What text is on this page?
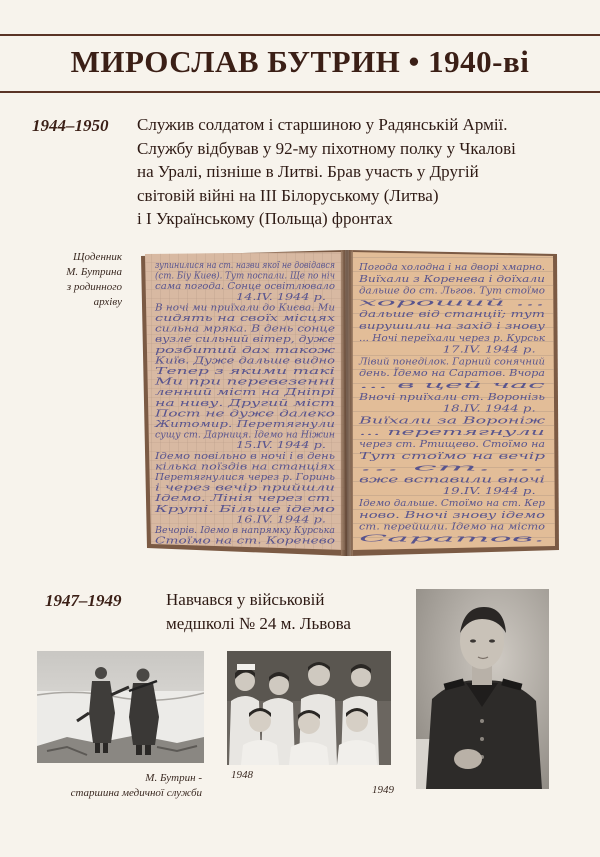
МИРОСЛАВ БУТРИН • 1940-ві
1944–1950 Служив солдатом і старшиною у Радянській Армії.
Службу відбував у 92-му піхотному полку у Чкалові
на Уралі, пізніше в Литві. Брав участь у Другій
світовій війні на ІІІ Білоруському (Литва)
і І Українському (Польща) фронтах
Щоденник
М. Бутрина
з родинного
архіву
зупинилися на ст. назви якої не довідався
(ст. Біу Киев). Тут поспали. Ще по ніч
сама погода. Сонце освітлювало
14.IV. 1944 р.
В ночі ми приїхали до Києва. Ми
сидять на своїх місцях
сильна мряка. В день сонце
вузле сильний вітер, дуже
розбитий дах також
Київ. Дуже дальше видно
Тепер з якими такі
Ми при перевезенні
ленний міст на Дніпрі
на ниву. Другий міст
Пост не дуже далеко
Житомир. Перетягнули
сущу ст. Дарниця. Ідемо на Ніжин
15.IV. 1944 р.
Ідемо повільно в ночі і в день
кілька поїздів на станціях
Перетягнулися через р. Горинь
і через вечір прийшли
Ідемо. Лінія через ст.
Круті. Більше ідемо
16.IV. 1944 р.
Вечорів. Ідемо в напрямку Курська
Стоїмо на ст. Коренево
Погода холодна і на дворі хмарно.
Виїхали з Коренева і доїхали
дальше до ст. Льгов. Тут стоїмо
хороший ...
дальше від станції; тут
вирушили на захід і знову
... Ночі переїхали через р. Курськ
17.IV. 1944 р.
Лівий понеділок. Гарний сонячний
день. Їдемо на Саратов. Вчора
... в цей час
Вночі приїхали ст. Воронізь
18.IV. 1944 р.
Виїхали за Вороніж
... перетягнули
через ст. Ртищево. Стоїмо на
Тут стоїмо на вечір
... ст. ...
вже вставили вночі
19.IV. 1944 р.
Ідемо дальше. Стоїмо на ст. Кер
ново. Вночі знову ідемо
ст. перейшли. Ідемо на місто
Саратов.
1947–1949	Навчався у військовій
медшколі № 24 м. Львова
М. Бутрин -
старшина медичної служби
1948
1949
